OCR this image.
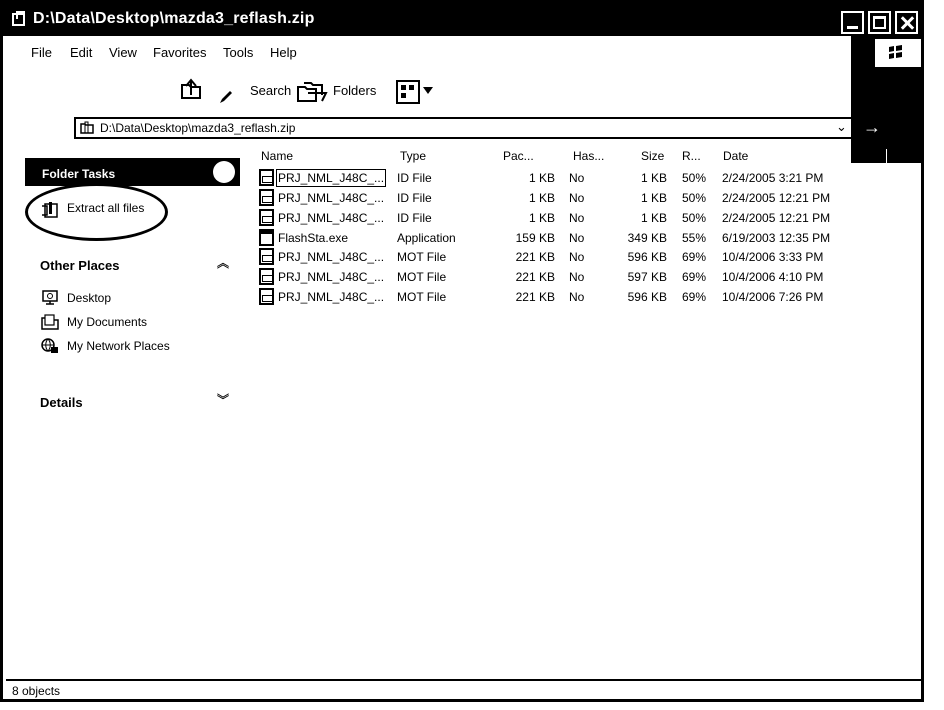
D:\Data\Desktop\mazda3_reflash.zip
→
File Edit View Favorites Tools Help
Search	Folders
D:\Data\Desktop\mazda3_reflash.zip	⌄
Folder Tasks
Extract all files
Other Places	︽
Desktop
My Documents
My Network Places
Details	︾
Name	Type	Pac...	Has...	Size R... Date
PRJ_NML_J48C_... ID File	1 KB No	1 KB 50% 2/24/2005 3:21 PM
PRJ_NML_J48C_... ID File	1 KB No	1 KB 50% 2/24/2005 12:21 PM
PRJ_NML_J48C_... ID File	1 KB No	1 KB 50% 2/24/2005 12:21 PM
FlashSta.exe	Application	159 KB No	349 KB 55% 6/19/2003 12:35 PM
PRJ_NML_J48C_... MOT File	221 KB No	596 KB 69% 10/4/2006 3:33 PM
PRJ_NML_J48C_... MOT File	221 KB No	597 KB 69% 10/4/2006 4:10 PM
PRJ_NML_J48C_... MOT File	221 KB No	596 KB 69% 10/4/2006 7:26 PM
8 objects
